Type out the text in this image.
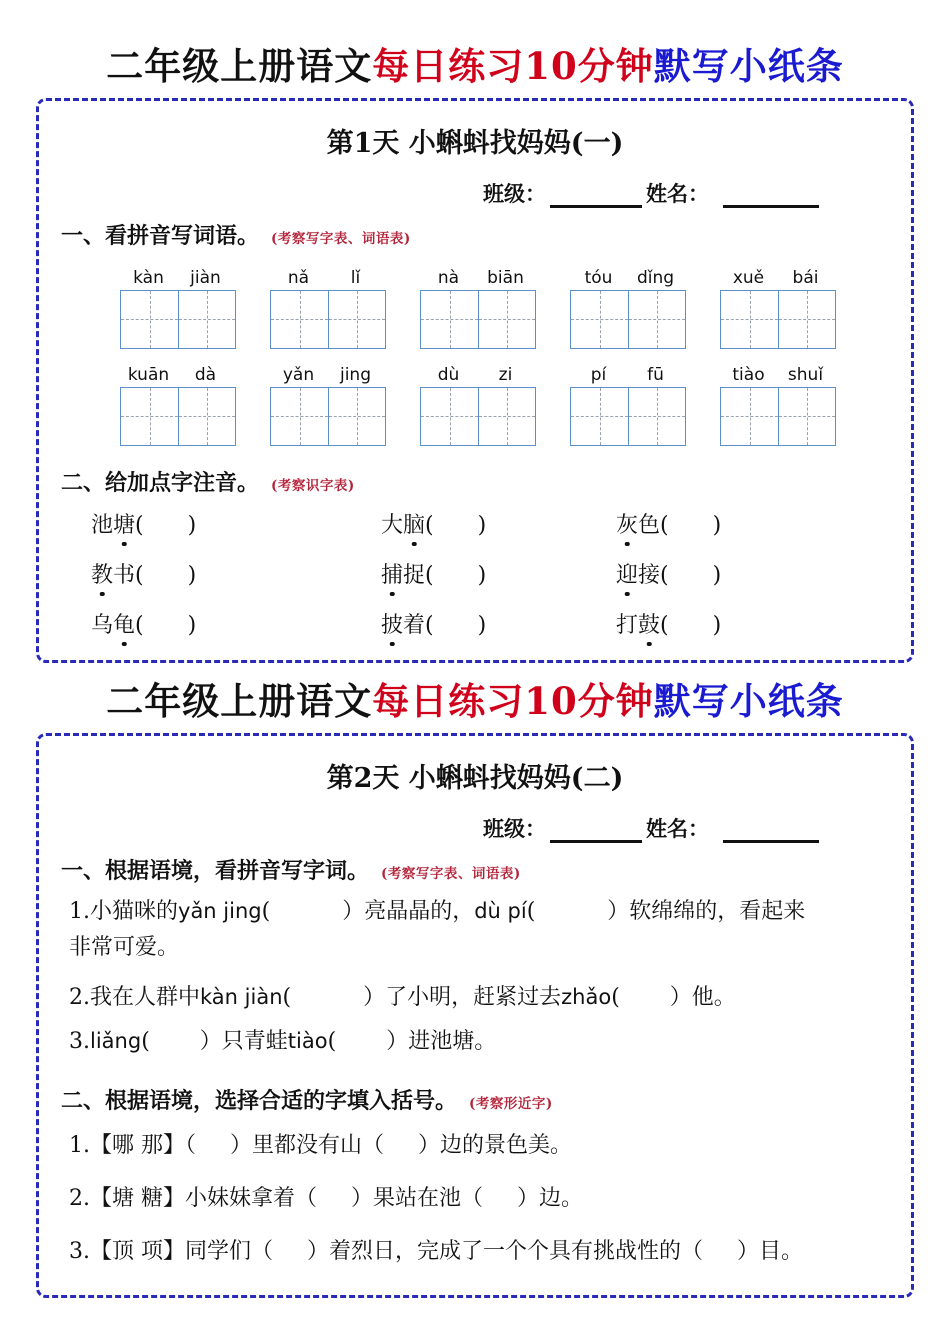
二年级上册语文每日练习10分钟默写小纸条
第1天 小蝌蚪找妈妈(一)
班级：	姓名：
一、看拼音写词语。 (考察写字表、词语表)
kàn	jiàn	nǎ	lǐ	nà	biān	tóu	dǐng	xuě	bái
kuān	dà	yǎn	jing	dù	zi	pí	fū	tiào	shuǐ
二、给加点字注音。 (考察识字表)
池 塘 ( )	大 脑 ( )	灰 色 ( )
教 书 ( )	捕 捉 ( )	迎 接 ( )
乌 龟 ( )	披 着 ( )	打 鼓 ( )
二年级上册语文每日练习10分钟默写小纸条
第2天 小蝌蚪找妈妈(二)
班级：	姓名：
一、根据语境，看拼音写字词。 (考察写字表、词语表)
1.小猫咪的yǎn jing(	）亮晶晶的，dù pí(	）软绵绵的，看起来
非常可爱。
2.我在人群中kàn jiàn(	）了小明，赶紧过去zhǎo( ）他。
3.liǎng( ）只青蛙tiào( ）进池塘。
二、根据语境，选择合适的字填入括号。 (考察形近字)
1.【哪 那】（ ）里都没有山（ ）边的景色美。
2.【塘 糖】小妹妹拿着（ ）果站在池（ ）边。
3.【顶 项】同学们（ ）着烈日，完成了一个个具有挑战性的（ ）目。
